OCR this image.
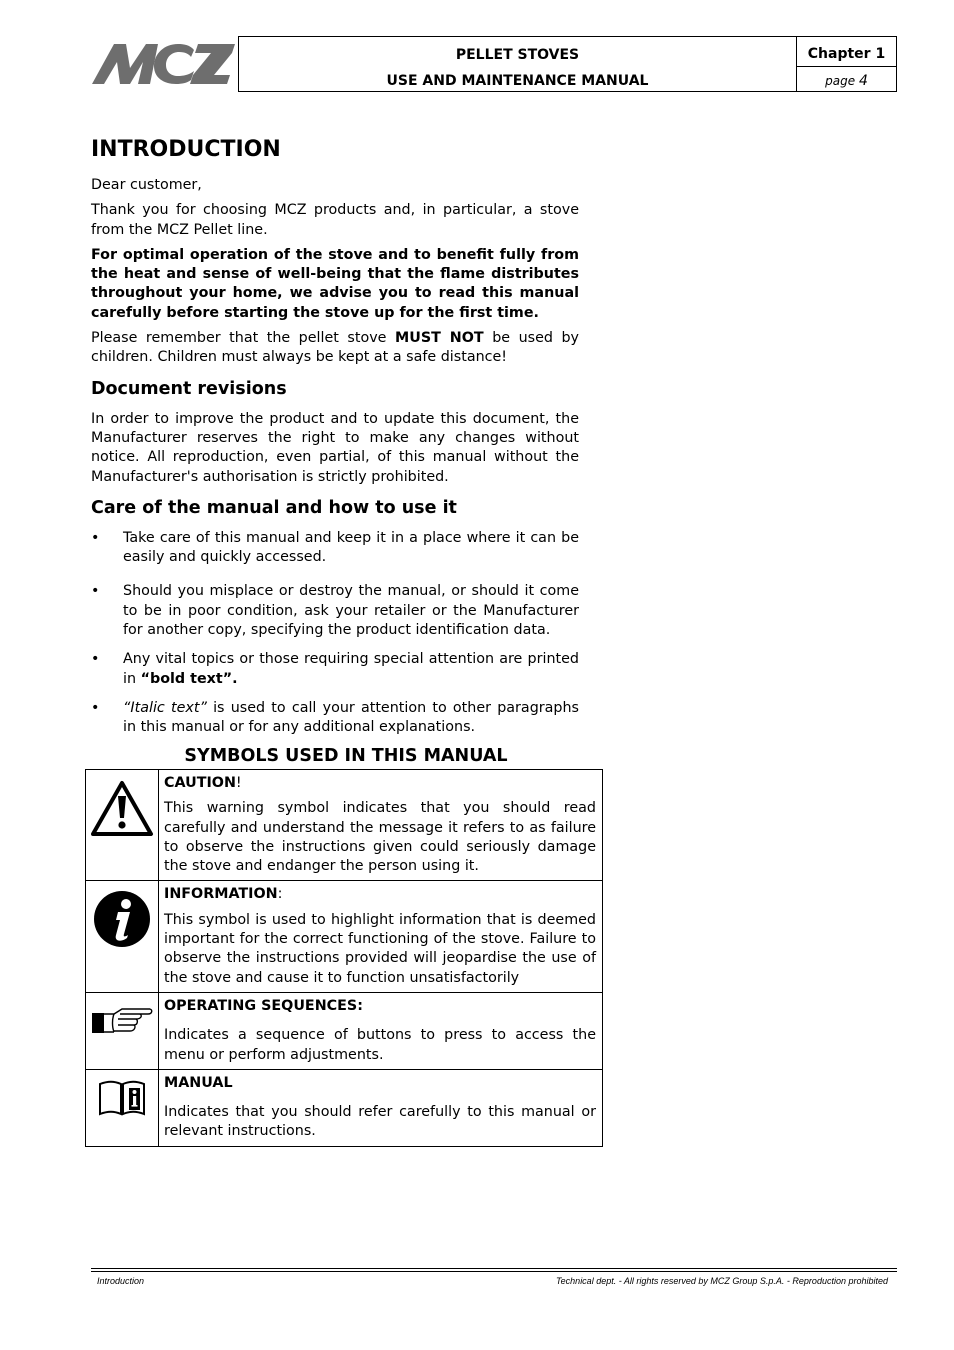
PELLET STOVES
USE AND MAINTENANCE MANUAL
Chapter 1
page 4
INTRODUCTION

Dear customer,

Thank you for choosing MCZ products and, in particular, a stove from the MCZ Pellet line.

For optimal operation of the stove and to benefit fully from the heat and sense of well-being that the flame distributes throughout your home, we advise you to read this manual carefully before starting the stove up for the first time.

Please remember that the pellet stove MUST NOT be used by children. Children must always be kept at a safe distance!

Document revisions

In order to improve the product and to update this document, the Manufacturer reserves the right to make any changes without notice. All reproduction, even partial, of this manual without the Manufacturer's authorisation is strictly prohibited.

Care of the manual and how to use it
• Take care of this manual and keep it in a place where it can be easily and quickly accessed.
• Should you misplace or destroy the manual, or should it come to be in poor condition, ask your retailer or the Manufacturer for another copy, specifying the product identification data.
• Any vital topics or those requiring special attention are printed in “bold text”.
• “Italic text” is used to call your attention to other paragraphs in this manual or for any additional explanations.
SYMBOLS USED IN THIS MANUAL

CAUTION!
This warning symbol indicates that you should read carefully and understand the message it refers to as failure to observe the instructions given could seriously damage the stove and endanger the person using it.

INFORMATION:
This symbol is used to highlight information that is deemed important for the correct functioning of the stove. Failure to observe the instructions provided will jeopardise the use of the stove and cause it to function unsatisfactorily

OPERATING SEQUENCES:
Indicates a sequence of buttons to press to access the menu or perform adjustments.

MANUAL
Indicates that you should refer carefully to this manual or relevant instructions.
Introduction	Technical dept. - All rights reserved by MCZ Group S.p.A. - Reproduction prohibited
